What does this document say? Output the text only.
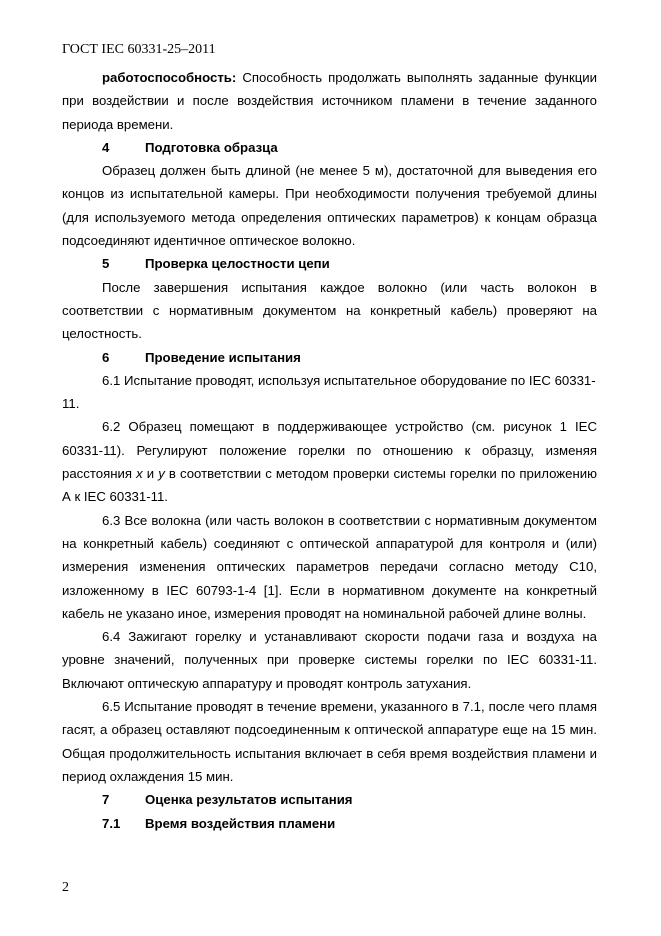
ГОСТ IEC 60331-25–2011

работоспособность: Способность продолжать выполнять заданные функции при воздействии и после воздействия источником пламени в течение заданного периода времени.

4	Подготовка образца

Образец должен быть длиной (не менее 5 м), достаточной для выведения его концов из испытательной камеры. При необходимости получения требуемой длины (для используемого метода определения оптических параметров) к концам образца подсоединяют идентичное оптическое волокно.

5	Проверка целостности цепи

После завершения испытания каждое волокно (или часть волокон в соответствии с нормативным документом на конкретный кабель) проверяют на целостность.

6	Проведение испытания

6.1 Испытание проводят, используя испытательное оборудование по IEC 60331-11.

6.2 Образец помещают в поддерживающее устройство (см. рисунок 1 IEC 60331-11). Регулируют положение горелки по отношению к образцу, изменяя расстояния x и y в соответствии с методом проверки системы горелки по приложению А к IEC 60331-11.

6.3 Все волокна (или часть волокон в соответствии с нормативным документом на конкретный кабель) соединяют с оптической аппаратурой для контроля и (или) измерения изменения оптических параметров передачи согласно методу C10, изложенному в IEC 60793-1-4 [1]. Если в нормативном документе на конкретный кабель не указано иное, измерения проводят на номинальной рабочей длине волны.

6.4 Зажигают горелку и устанавливают скорости подачи газа и воздуха на уровне значений, полученных при проверке системы горелки по IEC 60331-11. Включают оптическую аппаратуру и проводят контроль затухания.

6.5 Испытание проводят в течение времени, указанного в 7.1, после чего пламя гасят, а образец оставляют подсоединенным к оптической аппаратуре еще на 15 мин. Общая продолжительность испытания включает в себя время воздействия пламени и период охлаждения 15 мин.

7	Оценка результатов испытания

7.1 Время воздействия пламени

2
